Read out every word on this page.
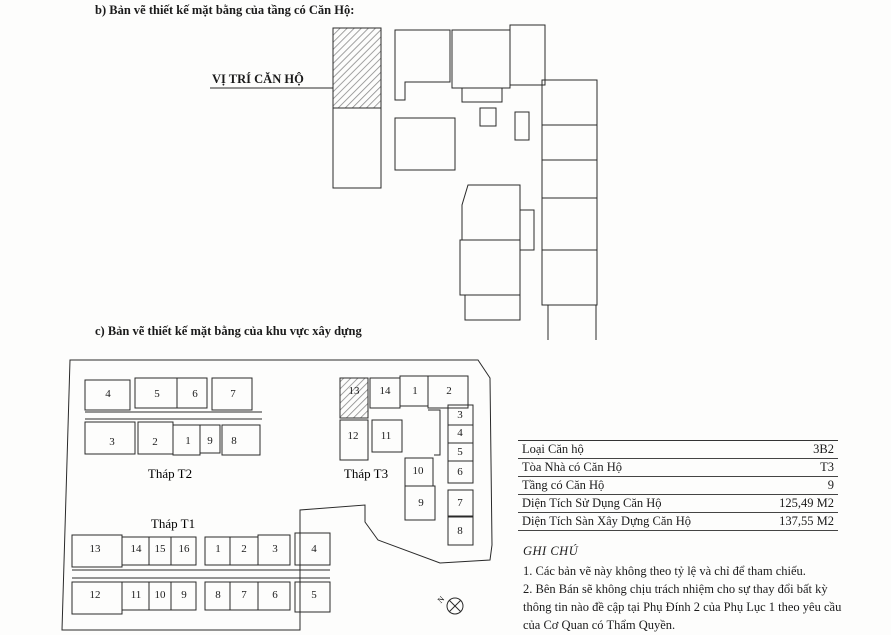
b) Bản vẽ thiết kế mặt bằng của tầng có Căn Hộ:
VỊ TRÍ CĂN HỘ
c) Bản vẽ thiết kế mặt bằng của khu vực xây dựng
4	5	6	7
3	2	1 9 8
13 14 1	2
12 11
3
4
5
6
10
9	7
8
13	14 15 16 1 2 3	4
12	11 10 9	8 7 6	5
Tháp T2	Tháp T3
Tháp T1
N
Loại Căn hộ	3B2
Tòa Nhà có Căn Hộ	T3
Tầng có Căn Hộ	9
Diện Tích Sử Dụng Căn Hộ	125,49 M2
Diện Tích Sàn Xây Dựng Căn Hộ	137,55 M2
GHI CHÚ
1. Các bản vẽ này không theo tỷ lệ và chỉ để tham chiếu.
2. Bên Bán sẽ không chịu trách nhiệm cho sự thay đổi bất kỳ
thông tin nào đề cập tại Phụ Đính 2 của Phụ Lục 1 theo yêu cầu
của Cơ Quan có Thẩm Quyền.
